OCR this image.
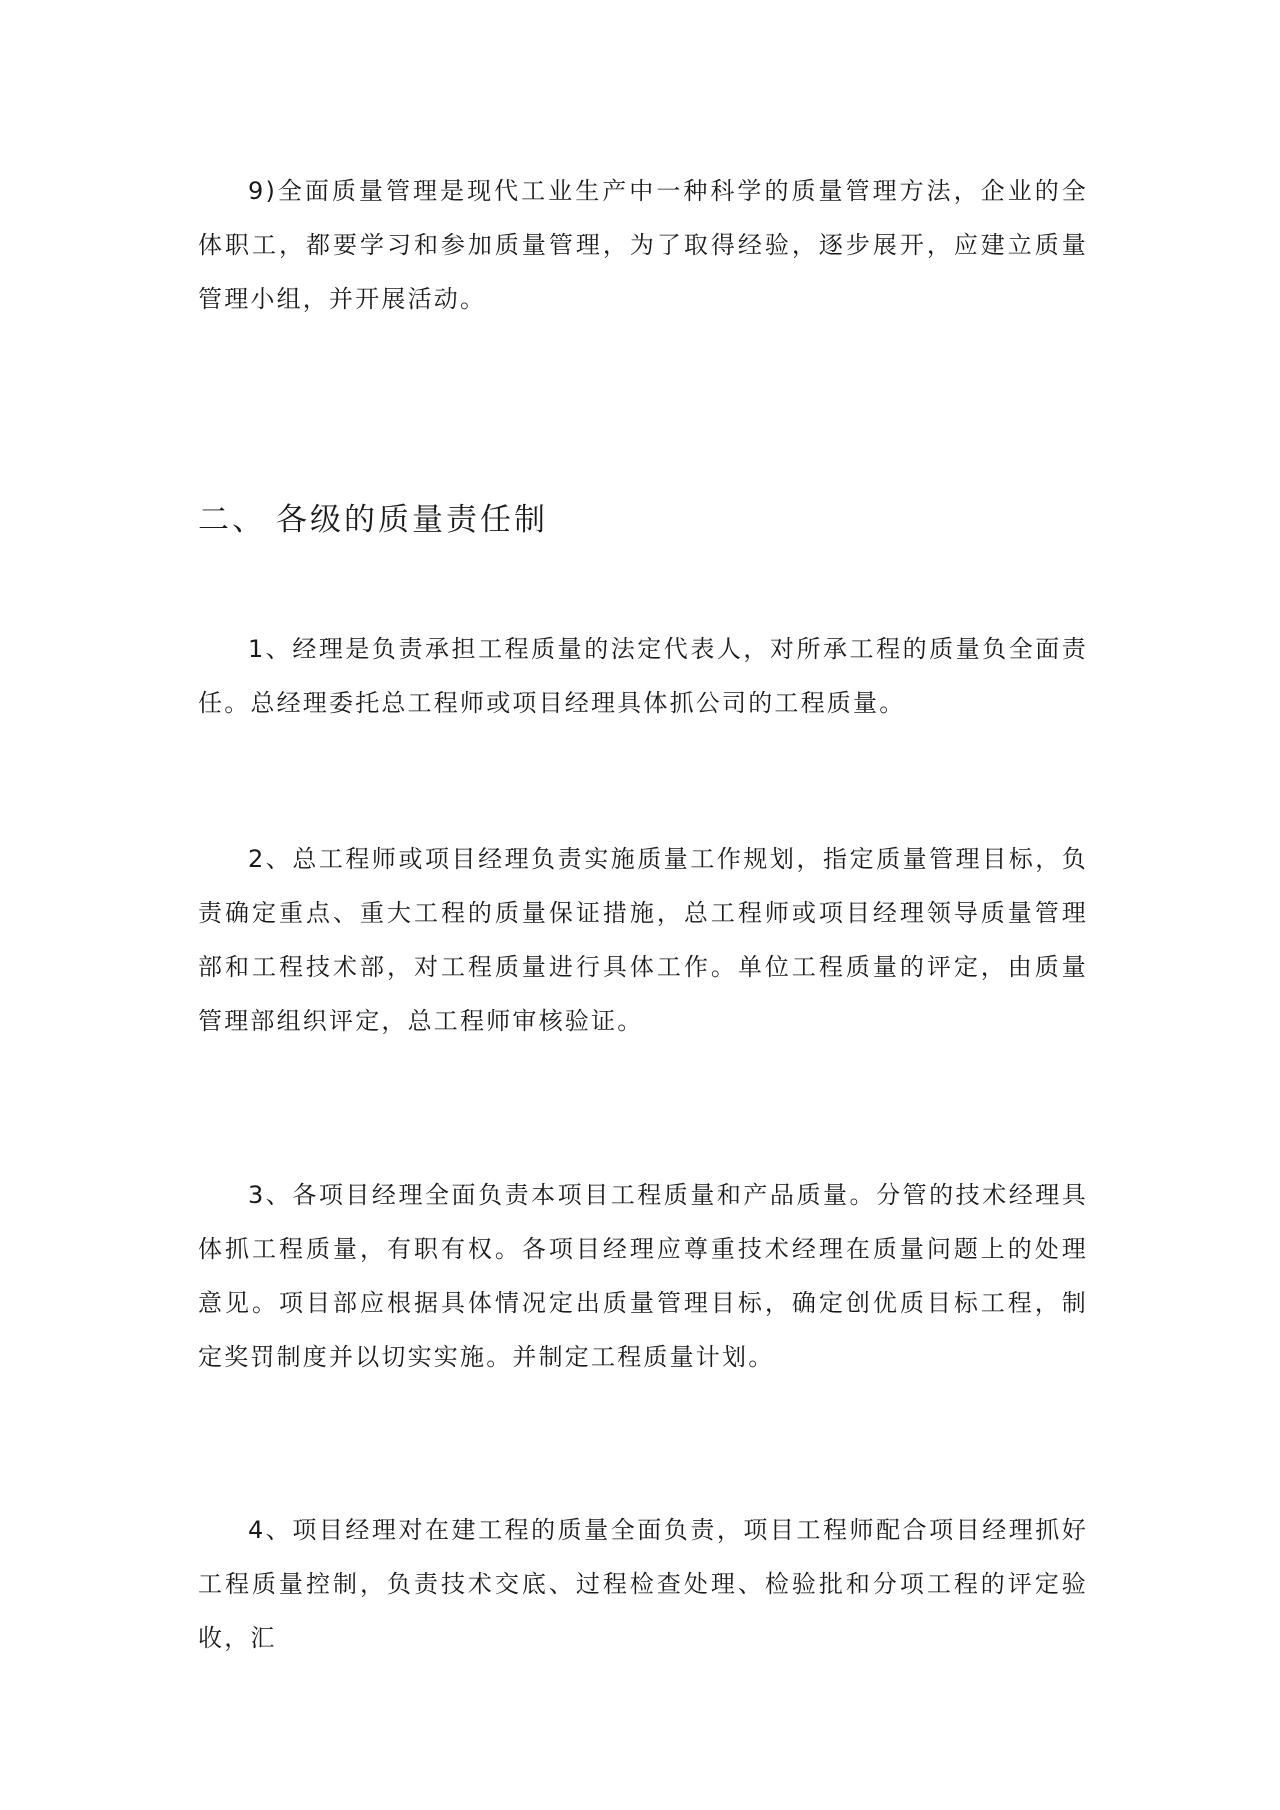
9)全面质量管理是现代工业生产中一种科学的质量管理方法，企业的全体职工，都要学习和参加质量管理，为了取得经验，逐步展开，应建立质量管理小组，并开展活动。

二、 各级的质量责任制

1、经理是负责承担工程质量的法定代表人，对所承工程的质量负全面责任。总经理委托总工程师或项目经理具体抓公司的工程质量。

2、总工程师或项目经理负责实施质量工作规划，指定质量管理目标，负责确定重点、重大工程的质量保证措施，总工程师或项目经理领导质量管理部和工程技术部，对工程质量进行具体工作。单位工程质量的评定，由质量管理部组织评定，总工程师审核验证。

3、各项目经理全面负责本项目工程质量和产品质量。分管的技术经理具体抓工程质量，有职有权。各项目经理应尊重技术经理在质量问题上的处理意见。项目部应根据具体情况定出质量管理目标，确定创优质目标工程，制定奖罚制度并以切实实施。并制定工程质量计划。

4、项目经理对在建工程的质量全面负责，项目工程师配合项目经理抓好工程质量控制，负责技术交底、过程检查处理、检验批和分项工程的评定验收，汇
